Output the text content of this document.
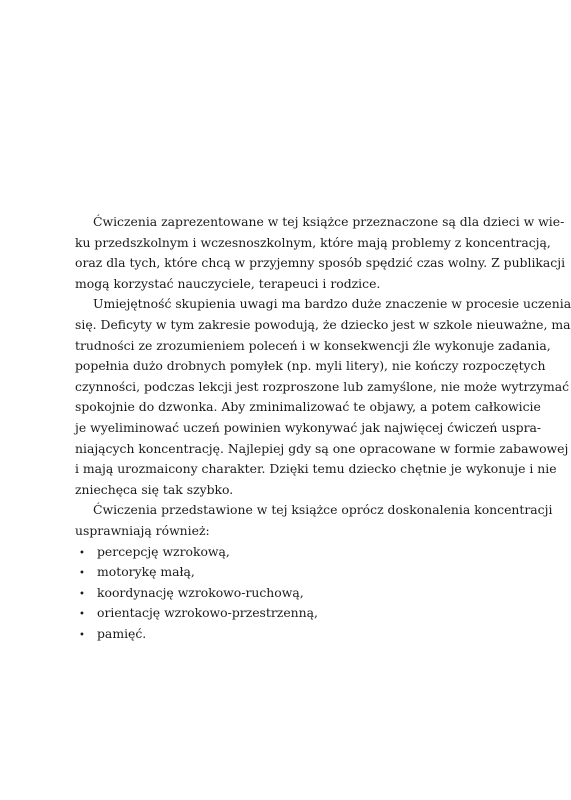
Ćwiczenia zaprezentowane w tej książce przeznaczone są dla dzieci w wie-
ku przedszkolnym i wczesnoszkolnym, które mają problemy z koncentracją,
oraz dla tych, które chcą w przyjemny sposób spędzić czas wolny. Z publikacji
mogą korzystać nauczyciele, terapeuci i rodzice.
Umiejętność skupienia uwagi ma bardzo duże znaczenie w procesie uczenia
się. Deficyty w tym zakresie powodują, że dziecko jest w szkole nieuważne, ma
trudności ze zrozumieniem poleceń i w konsekwencji źle wykonuje zadania,
popełnia dużo drobnych pomyłek (np. myli litery), nie kończy rozpoczętych
czynności, podczas lekcji jest rozproszone lub zamyślone, nie może wytrzymać
spokojnie do dzwonka. Aby zminimalizować te objawy, a potem całkowicie
je wyeliminować uczeń powinien wykonywać jak najwięcej ćwiczeń uspra-
niających koncentrację. Najlepiej gdy są one opracowane w formie zabawowej
i mają urozmaicony charakter. Dzięki temu dziecko chętnie je wykonuje i nie
zniechęca się tak szybko.
Ćwiczenia przedstawione w tej książce oprócz doskonalenia koncentracji
usprawniają również:
• percepcję wzrokową,
• motorykę małą,
• koordynację wzrokowo-ruchową,
• orientację wzrokowo-przestrzenną,
• pamięć.
